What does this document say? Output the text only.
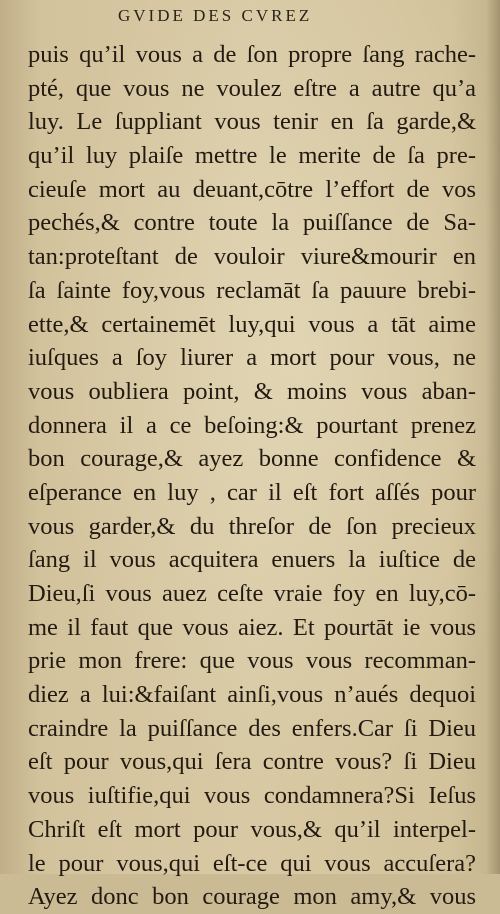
GVIDE DES CVREZ
puis qu’il vous a de ſon propre ſang rache-
pté, que vous ne voulez eſtre a autre qu’a
luy. Le ſuppliant vous tenir en ſa garde,&
qu’il luy plaiſe mettre le merite de ſa pre-
cieuſe mort au deuant,cōtre l’effort de vos
pechés,& contre toute la puiſſance de Sa-
tan:proteſtant de vouloir viure&mourir en
ſa ſainte foy,vous reclamāt ſa pauure brebi-
ette,& certainemēt luy,qui vous a tāt aime
iuſques a ſoy liurer a mort pour vous, ne
vous oubliera point, & moins vous aban-
donnera il a ce beſoing:& pourtant prenez
bon courage,& ayez bonne confidence &
eſperance en luy , car il eſt fort aſſés pour
vous garder,& du threſor de ſon precieux
ſang il vous acquitera enuers la iuſtice de
Dieu,ſi vous auez ceſte vraie foy en luy,cō-
me il faut que vous aiez. Et pourtāt ie vous
prie mon frere: que vous vous recomman-
diez a lui:&faiſant ainſi,vous n’aués dequoi
craindre la puiſſance des enfers.Car ſi Dieu
eſt pour vous,qui ſera contre vous? ſi Dieu
vous iuſtifie,qui vous condamnera?Si Ieſus
Chriſt eſt mort pour vous,& qu’il interpel-
le pour vous,qui eſt-ce qui vous accuſera?
Ayez donc bon courage mon amy,& vous
